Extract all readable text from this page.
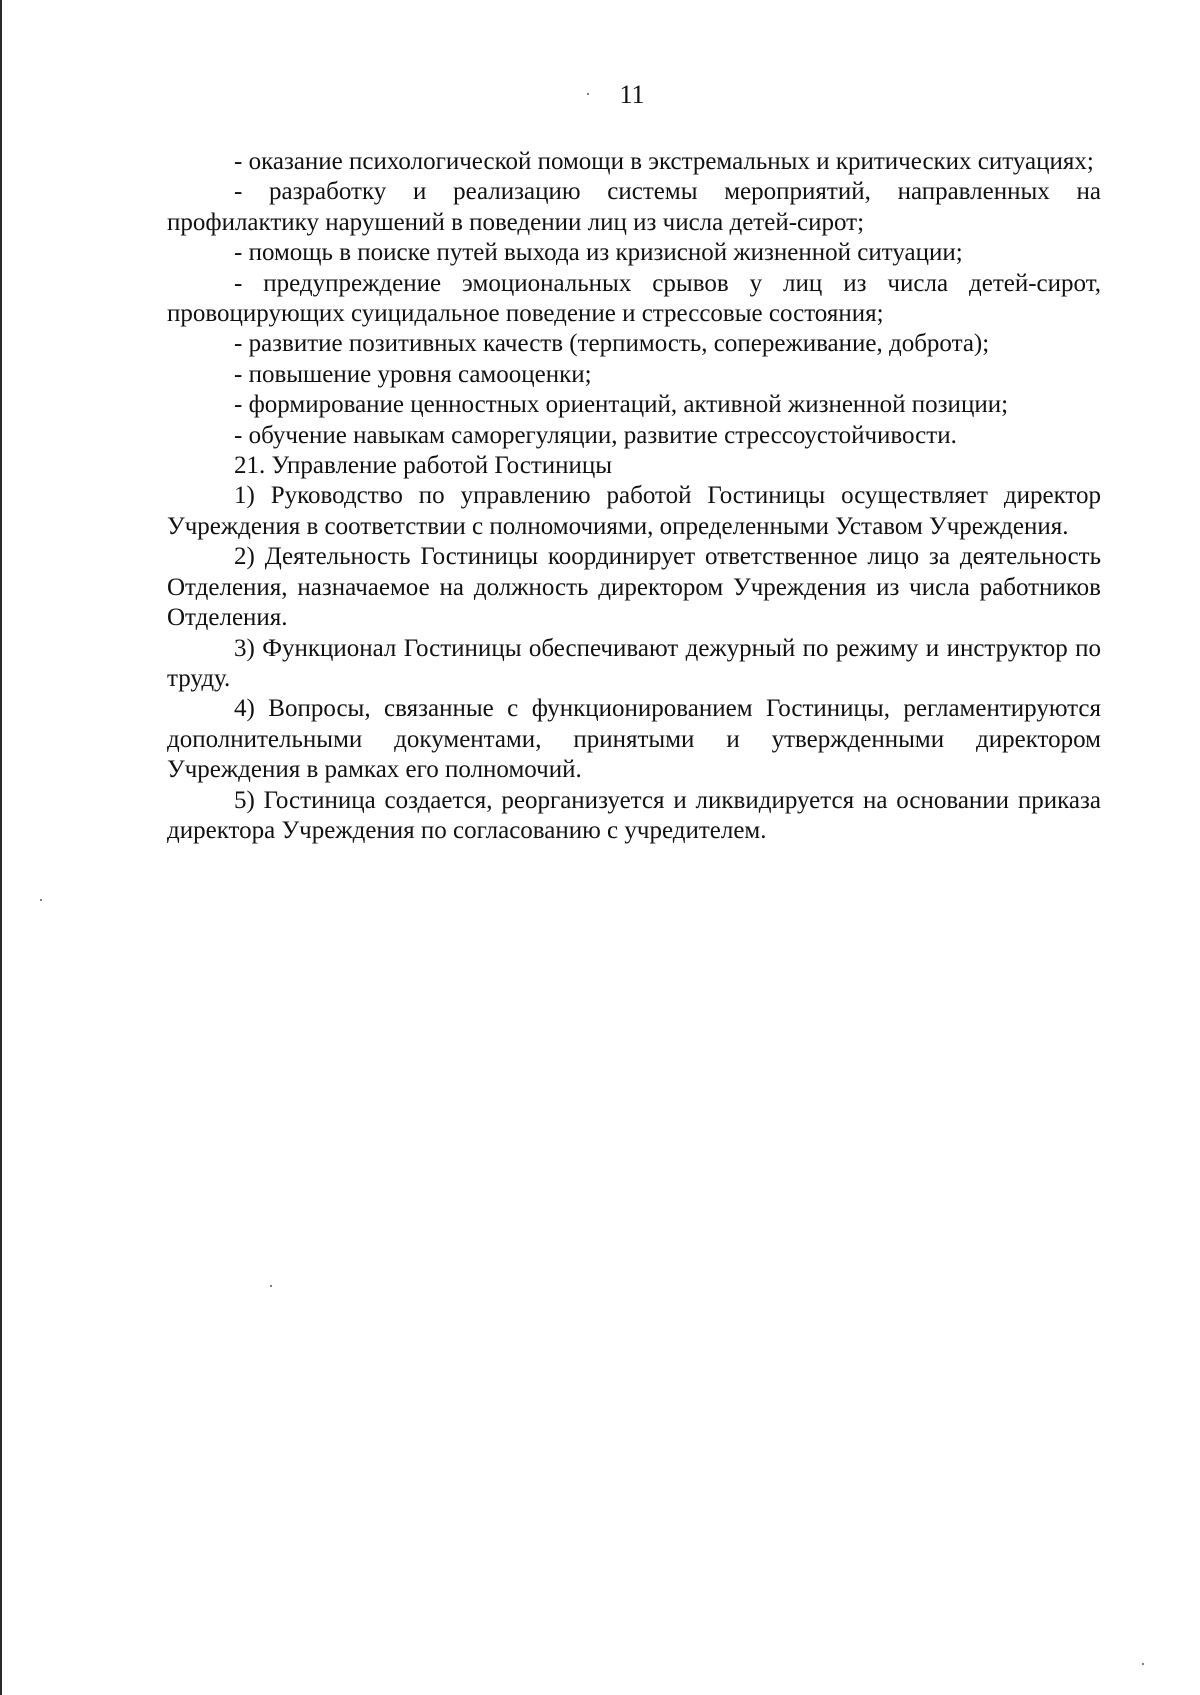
11

- оказание психологической помощи в экстремальных и критических ситуациях;

- разработку и реализацию системы мероприятий, направленных на профилактику нарушений в поведении лиц из числа детей-сирот;

- помощь в поиске путей выхода из кризисной жизненной ситуации;

- предупреждение эмоциональных срывов у лиц из числа детей-сирот, провоцирующих суицидальное поведение и стрессовые состояния;

- развитие позитивных качеств (терпимость, сопереживание, доброта);

- повышение уровня самооценки;

- формирование ценностных ориентаций, активной жизненной позиции;

- обучение навыкам саморегуляции, развитие стрессоустойчивости.

21. Управление работой Гостиницы

1) Руководство по управлению работой Гостиницы осуществляет директор Учреждения в соответствии с полномочиями, определенными Уставом Учреждения.

2) Деятельность Гостиницы координирует ответственное лицо за деятельность Отделения, назначаемое на должность директором Учреждения из числа работников Отделения.

3) Функционал Гостиницы обеспечивают дежурный по режиму и инструктор по труду.

4) Вопросы, связанные с функционированием Гостиницы, регламентируются дополнительными документами, принятыми и утвержденными директором Учреждения в рамках его полномочий.

5) Гостиница создается, реорганизуется и ликвидируется на основании приказа директора Учреждения по согласованию с учредителем.
